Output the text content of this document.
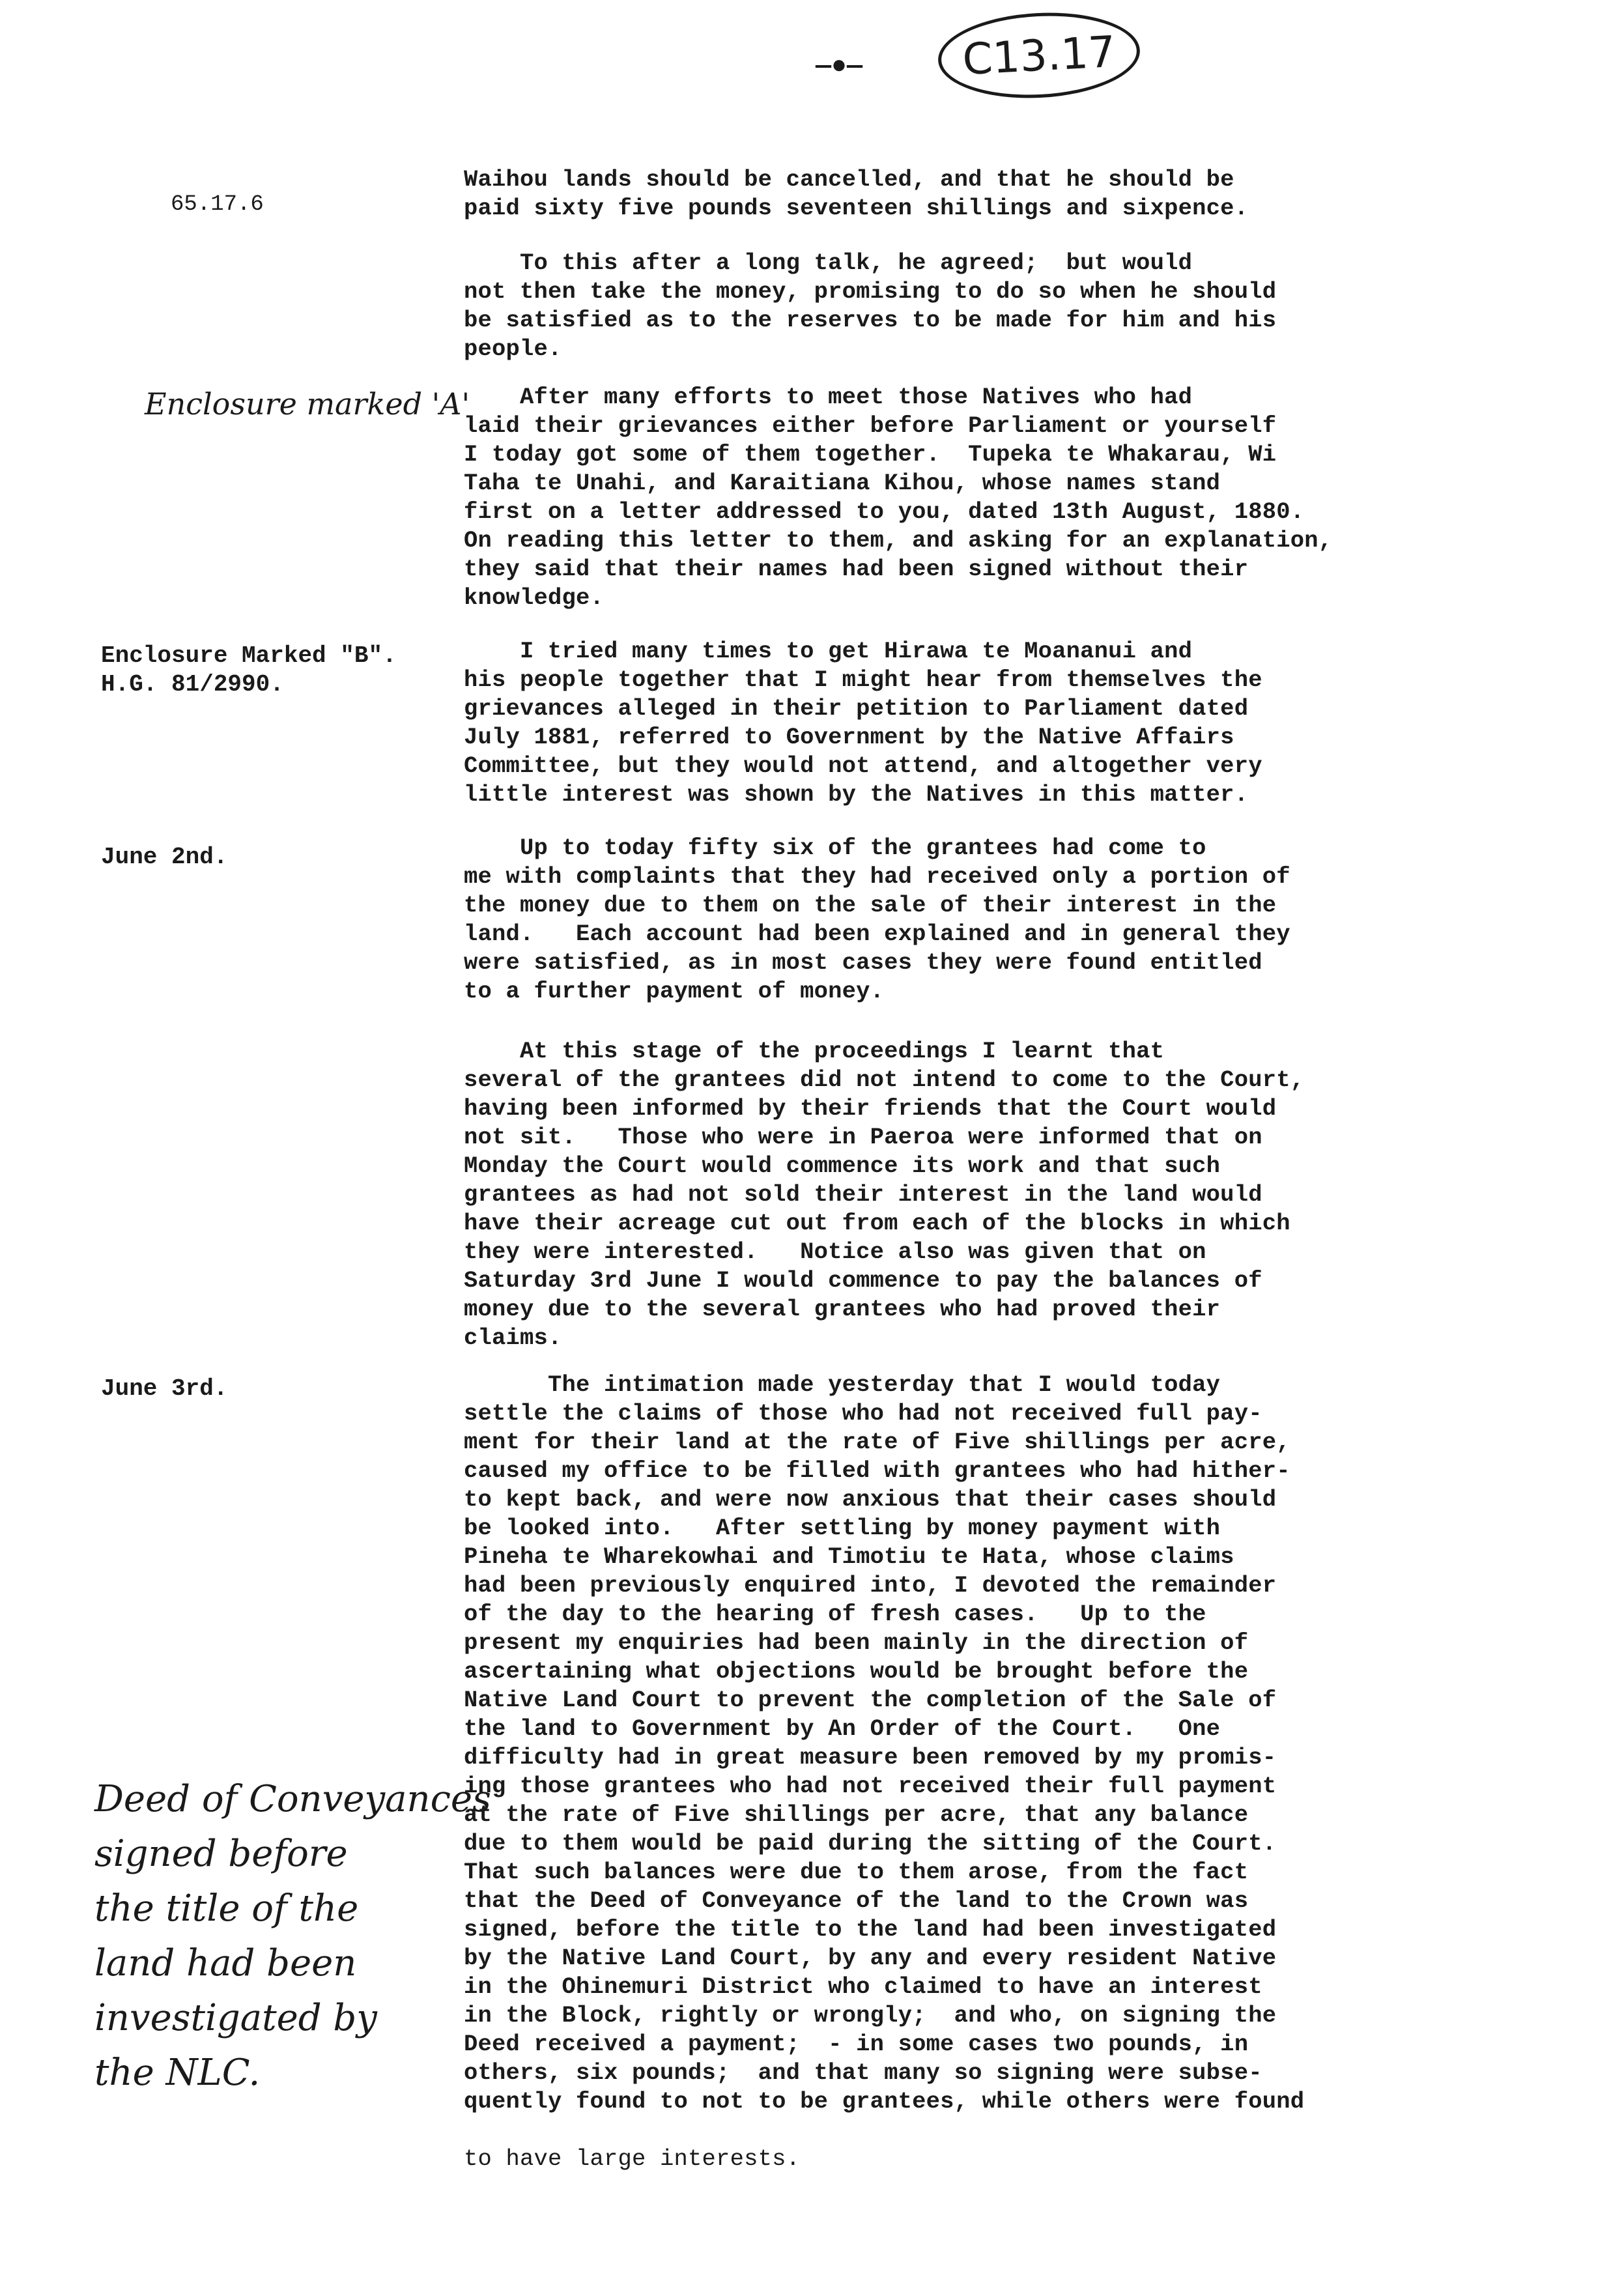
—●— C13.17
65.17.6
Enclosure marked 'A'
Enclosure Marked "B".
H.G. 81/2990.
June 2nd.
June 3rd.
Deed of Conveyances
signed before
the title of the
land had been
investigated by
the NLC.
Waihou lands should be cancelled, and that he should be
paid sixty five pounds seventeen shillings and sixpence.
To this after a long talk, he agreed;  but would
not then take the money, promising to do so when he should
be satisfied as to the reserves to be made for him and his
people.
After many efforts to meet those Natives who had
laid their grievances either before Parliament or yourself
I today got some of them together.  Tupeka te Whakarau, Wi
Taha te Unahi, and Karaitiana Kihou, whose names stand
first on a letter addressed to you, dated 13th August, 1880.
On reading this letter to them, and asking for an explanation,
they said that their names had been signed without their
knowledge.
I tried many times to get Hirawa te Moananui and
his people together that I might hear from themselves the
grievances alleged in their petition to Parliament dated
July 1881, referred to Government by the Native Affairs
Committee, but they would not attend, and altogether very
little interest was shown by the Natives in this matter.
Up to today fifty six of the grantees had come to
me with complaints that they had received only a portion of
the money due to them on the sale of their interest in the
land.   Each account had been explained and in general they
were satisfied, as in most cases they were found entitled
to a further payment of money.
At this stage of the proceedings I learnt that
several of the grantees did not intend to come to the Court,
having been informed by their friends that the Court would
not sit.   Those who were in Paeroa were informed that on
Monday the Court would commence its work and that such
grantees as had not sold their interest in the land would
have their acreage cut out from each of the blocks in which
they were interested.   Notice also was given that on
Saturday 3rd June I would commence to pay the balances of
money due to the several grantees who had proved their
claims.
The intimation made yesterday that I would today
settle the claims of those who had not received full pay-
ment for their land at the rate of Five shillings per acre,
caused my office to be filled with grantees who had hither-
to kept back, and were now anxious that their cases should
be looked into.   After settling by money payment with
Pineha te Wharekowhai and Timotiu te Hata, whose claims
had been previously enquired into, I devoted the remainder
of the day to the hearing of fresh cases.   Up to the
present my enquiries had been mainly in the direction of
ascertaining what objections would be brought before the
Native Land Court to prevent the completion of the Sale of
the land to Government by An Order of the Court.   One
difficulty had in great measure been removed by my promis-
ing those grantees who had not received their full payment
at the rate of Five shillings per acre, that any balance
due to them would be paid during the sitting of the Court.
That such balances were due to them arose, from the fact
that the Deed of Conveyance of the land to the Crown was
signed, before the title to the land had been investigated
by the Native Land Court, by any and every resident Native
in the Ohinemuri District who claimed to have an interest
in the Block, rightly or wrongly;  and who, on signing the
Deed received a payment;  - in some cases two pounds, in
others, six pounds;  and that many so signing were subse-
quently found to not to be grantees, while others were found
to have large interests.
